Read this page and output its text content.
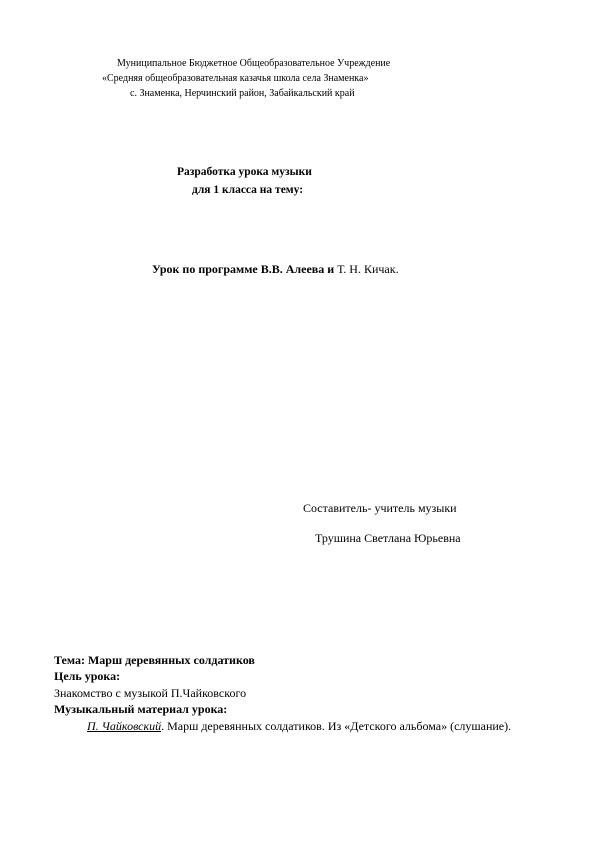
Муниципальное Бюджетное Общеобразовательное Учреждение
«Средняя общеобразовательная казачья школа села Знаменка»
с. Знаменка, Нерчинский район, Забайкальский край
Разработка урока музыки
для 1 класса на тему:
Урок по программе В.В. Алеева и Т. Н. Кичак.
Составитель- учитель музыки
Трушина Светлана Юрьевна
Тема: Марш деревянных солдатиков
Цель урока:
Знакомство с музыкой П.Чайковского
Музыкальный материал урока:
П. Чайковский. Марш деревянных солдатиков. Из «Детского альбома» (слушание).
